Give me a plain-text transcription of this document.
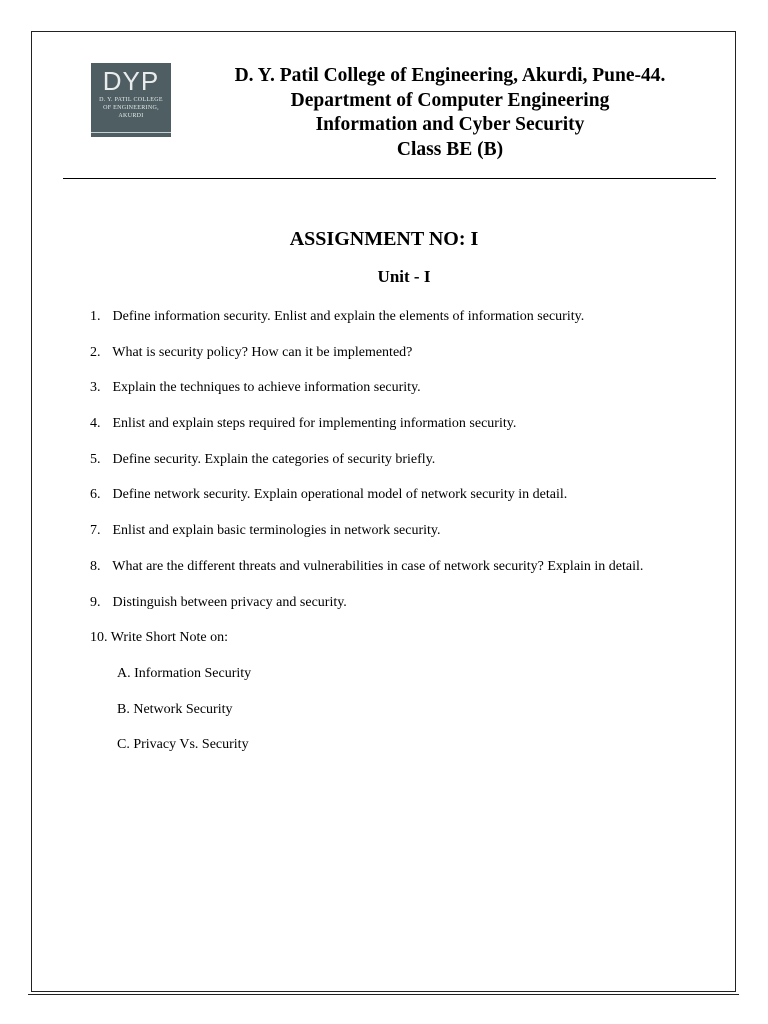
DYP
D. Y. PATIL COLLEGE OF ENGINEERING, AKURDI
D. Y. Patil College of Engineering, Akurdi, Pune-44.
Department of Computer Engineering
Information and Cyber Security
Class BE (B)
ASSIGNMENT NO: I
Unit - I
1. Define information security. Enlist and explain the elements of information security.
2. What is security policy? How can it be implemented?
3. Explain the techniques to achieve information security.
4. Enlist and explain steps required for implementing information security.
5. Define security. Explain the categories of security briefly.
6. Define network security. Explain operational model of network security in detail.
7. Enlist and explain basic terminologies in network security.
8. What are the different threats and vulnerabilities in case of network security? Explain in detail.
9. Distinguish between privacy and security.
10. Write Short Note on:
A. Information Security
B. Network Security
C. Privacy Vs. Security
